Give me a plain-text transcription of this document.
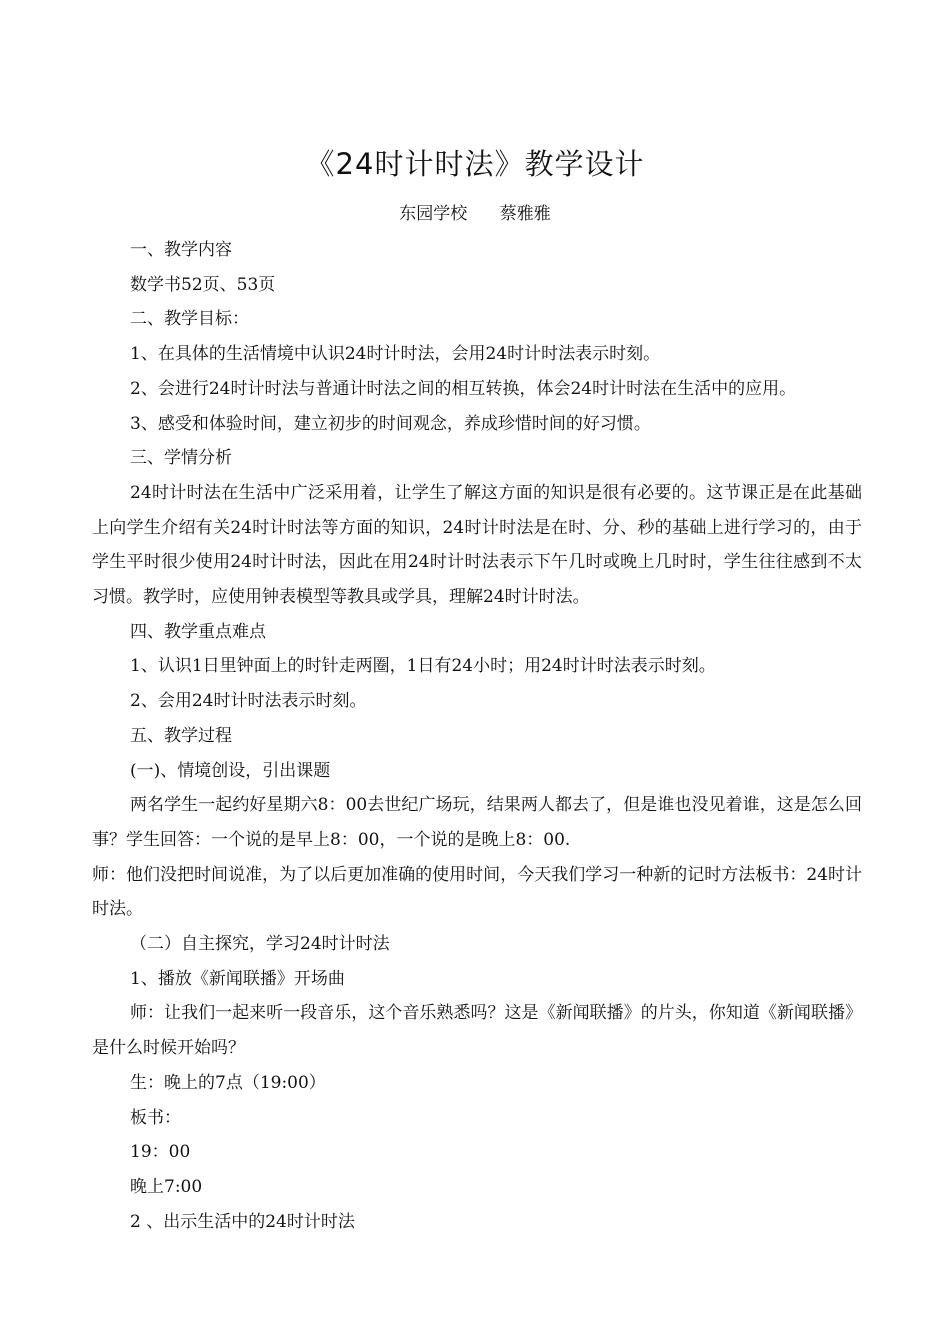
《24时计时法》教学设计
东园学校      蔡雅雅

一、教学内容

数学书52页、53页

二、教学目标：

1、在具体的生活情境中认识24时计时法，会用24时计时法表示时刻。

2、会进行24时计时法与普通计时法之间的相互转换，体会24时计时法在生活中的应用。

3、感受和体验时间，建立初步的时间观念，养成珍惜时间的好习惯。

三、学情分析

24时计时法在生活中广泛采用着，让学生了解这方面的知识是很有必要的。这节课正是在此基础上向学生介绍有关24时计时法等方面的知识，24时计时法是在时、分、秒的基础上进行学习的，由于学生平时很少使用24时计时法，因此在用24时计时法表示下午几时或晚上几时时，学生往往感到不太习惯。教学时，应使用钟表模型等教具或学具，理解24时计时法。

四、教学重点难点

1、认识1日里钟面上的时针走两圈，1日有24小时；用24时计时法表示时刻。

2、会用24时计时法表示时刻。

五、教学过程

(一)、情境创设，引出课题

两名学生一起约好星期六8：00去世纪广场玩，结果两人都去了，但是谁也没见着谁，这是怎么回事？学生回答：一个说的是早上8：00，一个说的是晚上8：00.

师：他们没把时间说准，为了以后更加准确的使用时间，今天我们学习一种新的记时方法板书：24时计时法。

（二）自主探究，学习24时计时法

1、播放《新闻联播》开场曲

师：让我们一起来听一段音乐，这个音乐熟悉吗？这是《新闻联播》的片头，你知道《新闻联播》是什么时候开始吗？

生：晚上的7点（19:00）

板书：

19：00

晚上7:00

2 、出示生活中的24时计时法
